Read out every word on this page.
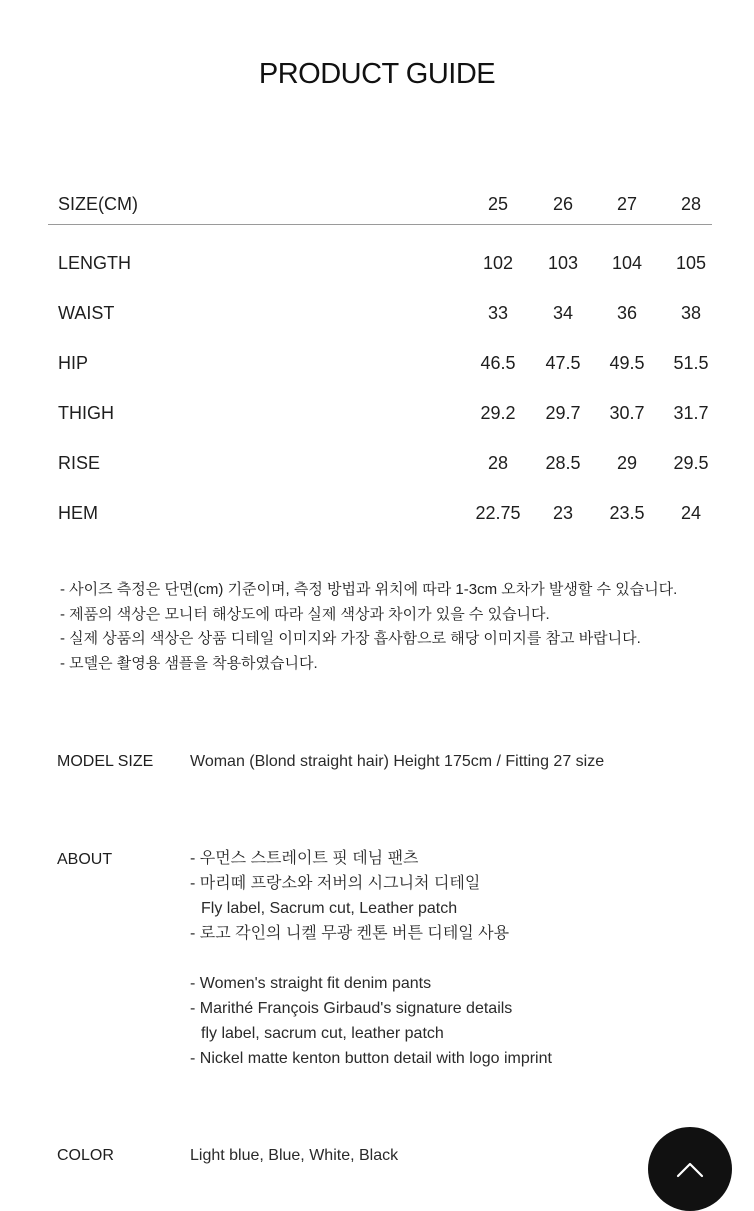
PRODUCT GUIDE
SIZE(CM)	25	26	27	28
LENGTH	102	103	104	105
WAIST	33	34	36	38
HIP	46.5	47.5	49.5	51.5
THIGH	29.2	29.7	30.7	31.7
RISE	28	28.5	29	29.5
HEM	22.75	23	23.5	24
- 사이즈 측정은 단면(cm) 기준이며, 측정 방법과 위치에 따라 1-3cm 오차가 발생할 수 있습니다.
- 제품의 색상은 모니터 해상도에 따라 실제 색상과 차이가 있을 수 있습니다.
- 실제 상품의 색상은 상품 디테일 이미지와 가장 흡사함으로 해당 이미지를 참고 바랍니다.
- 모델은 촬영용 샘플을 착용하였습니다.
MODEL SIZE Woman (Blond straight hair) Height 175cm / Fitting 27 size
ABOUT	- 우먼스 스트레이트 핏 데님 팬츠
- 마리떼 프랑소와 저버의 시그니처 디테일
Fly label, Sacrum cut, Leather patch
- 로고 각인의 니켈 무광 켄톤 버튼 디테일 사용
- Women's straight fit denim pants
- Marithé François Girbaud's signature details
fly label, sacrum cut, leather patch
- Nickel matte kenton button detail with logo imprint
COLOR	Light blue, Blue, White, Black
